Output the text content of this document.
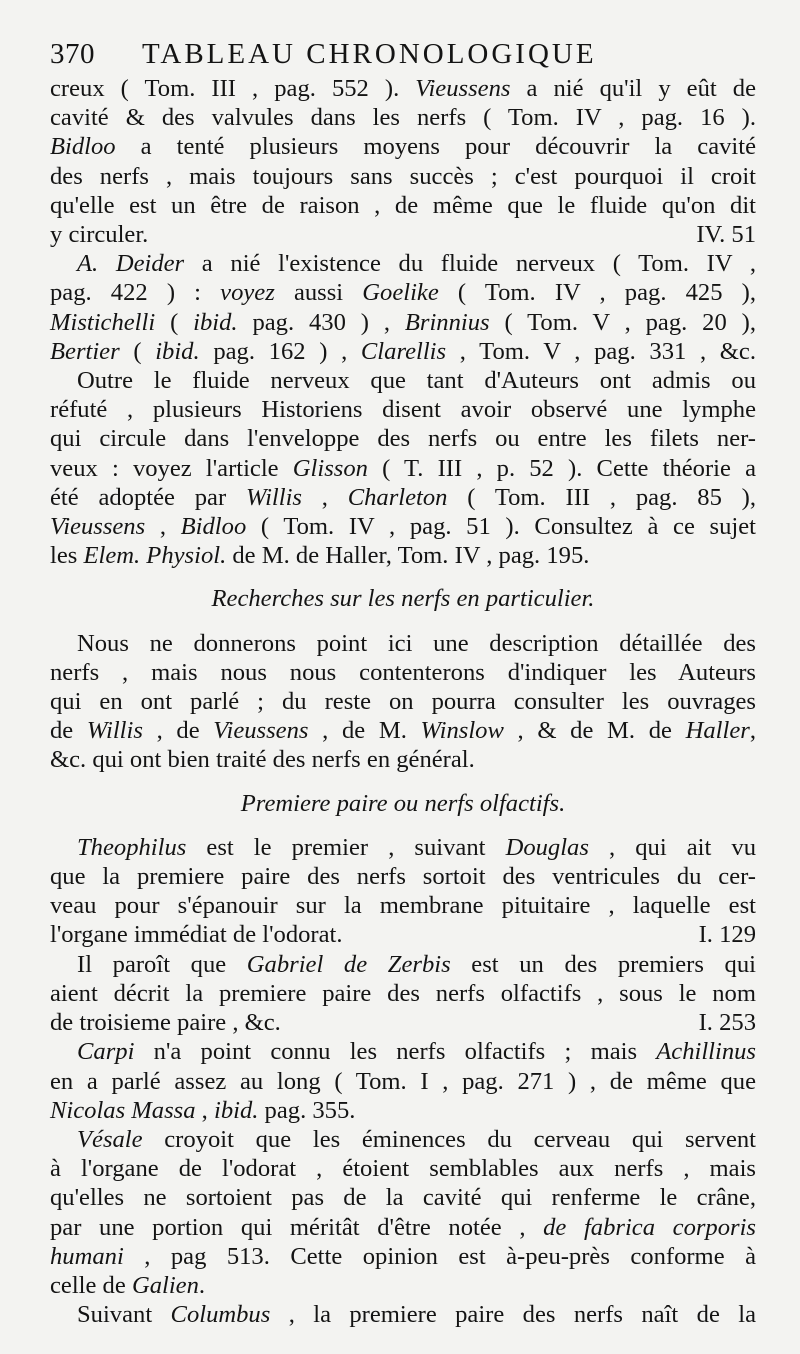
370	TABLEAU CHRONOLOGIQUE
creux ( Tom. III , pag. 552 ). Vieussens a nié qu'il y eût de
cavité & des valvules dans les nerfs ( Tom. IV , pag. 16 ).
Bidloo a tenté plusieurs moyens pour découvrir la cavité
des nerfs , mais toujours sans succès ; c'est pourquoi il croit
qu'elle est un être de raison , de même que le fluide qu'on dit
y circuler.	IV. 51
A. Deider a nié l'existence du fluide nerveux ( Tom. IV ,
pag. 422 ) : voyez aussi Goelike ( Tom. IV , pag. 425 ),
Mistichelli ( ibid. pag. 430 ) , Brinnius ( Tom. V , pag. 20 ),
Bertier ( ibid. pag. 162 ) , Clarellis , Tom. V , pag. 331 , &c.
Outre le fluide nerveux que tant d'Auteurs ont admis ou
réfuté , plusieurs Historiens disent avoir observé une lymphe
qui circule dans l'enveloppe des nerfs ou entre les filets ner-
veux : voyez l'article Glisson ( T. III , p. 52 ). Cette théorie a
été adoptée par Willis , Charleton ( Tom. III , pag. 85 ),
Vieussens , Bidloo ( Tom. IV , pag. 51 ). Consultez à ce sujet
les Elem. Physiol. de M. de Haller, Tom. IV , pag. 195.
Recherches sur les nerfs en particulier.
Nous ne donnerons point ici une description détaillée des
nerfs , mais nous nous contenterons d'indiquer les Auteurs
qui en ont parlé ; du reste on pourra consulter les ouvrages
de Willis , de Vieussens , de M. Winslow , & de M. de Haller,
&c. qui ont bien traité des nerfs en général.
Premiere paire ou nerfs olfactifs.
Theophilus est le premier , suivant Douglas , qui ait vu
que la premiere paire des nerfs sortoit des ventricules du cer-
veau pour s'épanouir sur la membrane pituitaire , laquelle est
l'organe immédiat de l'odorat.	I. 129
Il paroît que Gabriel de Zerbis est un des premiers qui
aient décrit la premiere paire des nerfs olfactifs , sous le nom
de troisieme paire , &c.	I. 253
Carpi n'a point connu les nerfs olfactifs ; mais Achillinus
en a parlé assez au long ( Tom. I , pag. 271 ) , de même que
Nicolas Massa , ibid. pag. 355.
Vésale croyoit que les éminences du cerveau qui servent
à l'organe de l'odorat , étoient semblables aux nerfs , mais
qu'elles ne sortoient pas de la cavité qui renferme le crâne,
par une portion qui méritât d'être notée , de fabrica corporis
humani , pag 513. Cette opinion est à-peu-près conforme à
celle de Galien.
Suivant Columbus , la premiere paire des nerfs naît de la
